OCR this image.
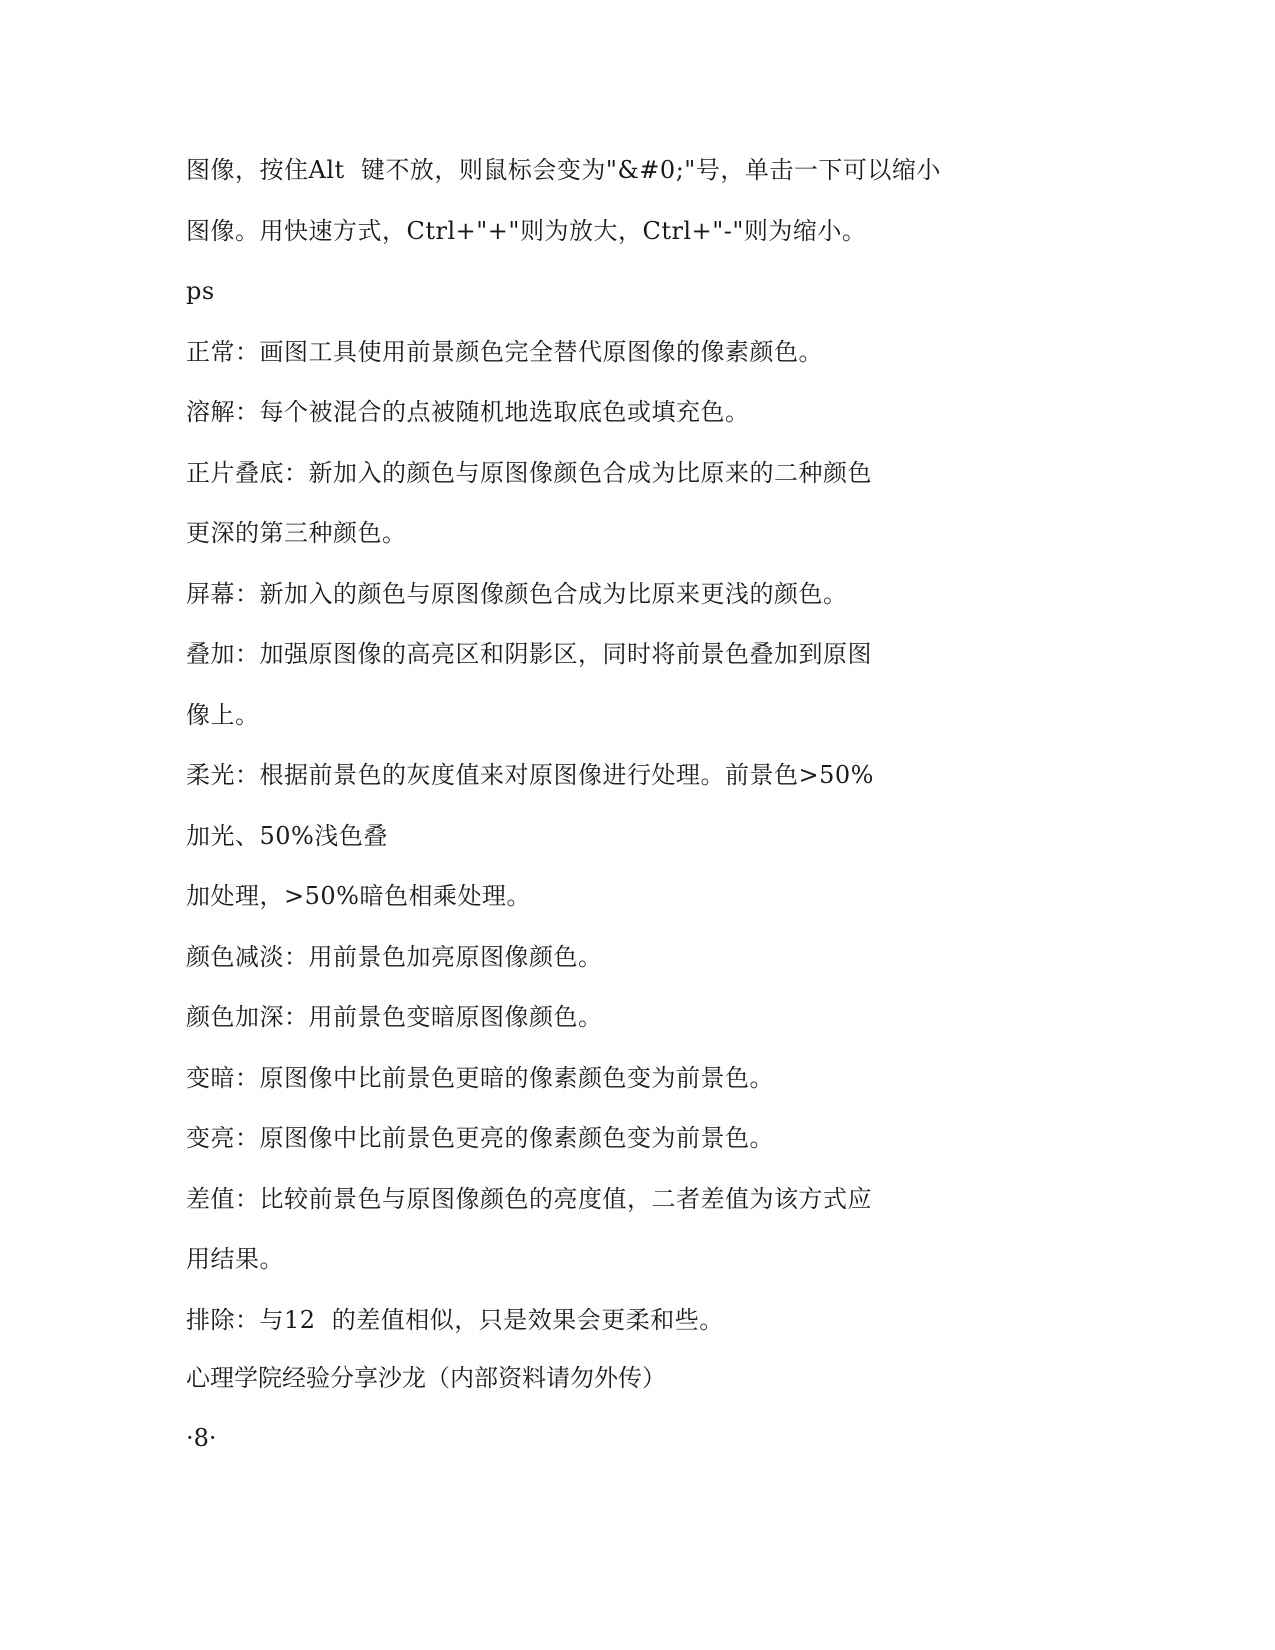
图像，按住Alt  键不放，则鼠标会变为"&#0;"号，单击一下可以缩小
图像。用快速方式，Ctrl+"+"则为放大，Ctrl+"-"则为缩小。
ps
正常：画图工具使用前景颜色完全替代原图像的像素颜色。
溶解：每个被混合的点被随机地选取底色或填充色。
正片叠底：新加入的颜色与原图像颜色合成为比原来的二种颜色
更深的第三种颜色。
屏幕：新加入的颜色与原图像颜色合成为比原来更浅的颜色。
叠加：加强原图像的高亮区和阴影区，同时将前景色叠加到原图
像上。
柔光：根据前景色的灰度值来对原图像进行处理。前景色>50%
加光、50%浅色叠
加处理，>50%暗色相乘处理。
颜色减淡：用前景色加亮原图像颜色。
颜色加深：用前景色变暗原图像颜色。
变暗：原图像中比前景色更暗的像素颜色变为前景色。
变亮：原图像中比前景色更亮的像素颜色变为前景色。
差值：比较前景色与原图像颜色的亮度值，二者差值为该方式应
用结果。
排除：与12  的差值相似，只是效果会更柔和些。
心理学院经验分享沙龙（内部资料请勿外传）
·8·
